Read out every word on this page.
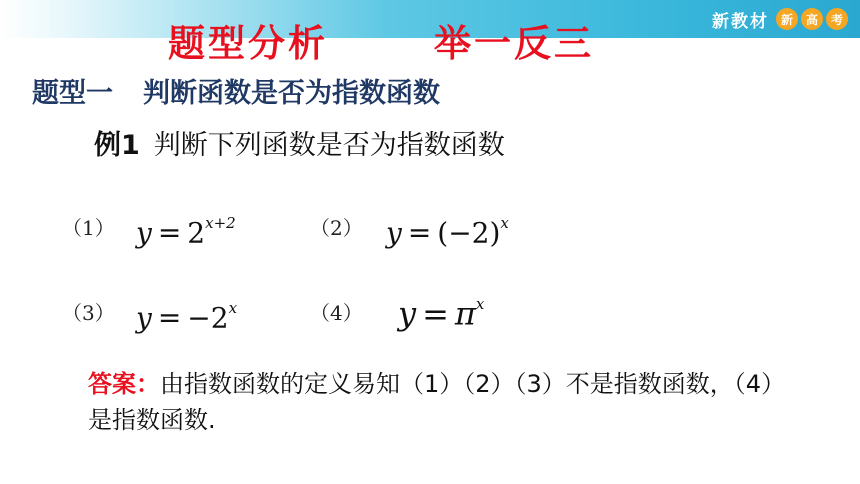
新教材 新	高	考
题型分析	举一反三
题型一 判断函数是否为指数函数
例1 判断下列函数是否为指数函数
（1） $y = 2^{x+2}$	（2） $y = (-2)^x$
（3） $y = -2^x$	（4） $y = \pi^x$
答案：由指数函数的定义易知（1）（2）（3）不是指数函数，（4）是指数函数.
